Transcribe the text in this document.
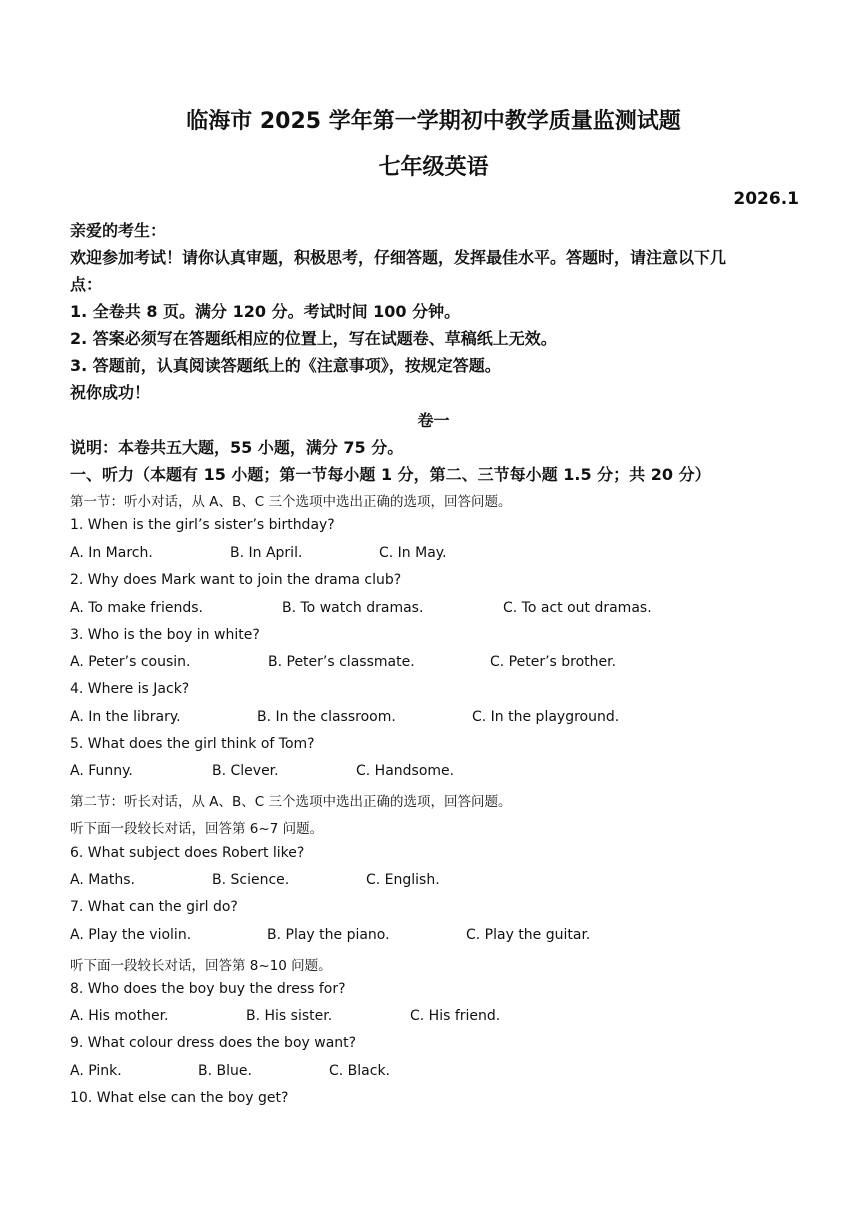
临海市 2025 学年第一学期初中教学质量监测试题
七年级英语
2026.1
亲爱的考生：
欢迎参加考试！请你认真审题，积极思考，仔细答题，发挥最佳水平。答题时，请注意以下几
点：
1. 全卷共 8 页。满分 120 分。考试时间 100 分钟。
2. 答案必须写在答题纸相应的位置上，写在试题卷、草稿纸上无效。
3. 答题前，认真阅读答题纸上的《注意事项》，按规定答题。
祝你成功！
卷一
说明：本卷共五大题，55 小题，满分 75 分。
一、听力（本题有 15 小题；第一节每小题 1 分，第二、三节每小题 1.5 分；共 20 分）
第一节：听小对话，从 A、B、C 三个选项中选出正确的选项，回答问题。
1. When is the girl’s sister’s birthday?
A. In March.	B. In April.	C. In May.
2. Why does Mark want to join the drama club?
A. To make friends.	B. To watch dramas.	C. To act out dramas.
3. Who is the boy in white?
A. Peter’s cousin.	B. Peter’s classmate.	C. Peter’s brother.
4. Where is Jack?
A. In the library.	B. In the classroom.	C. In the playground.
5. What does the girl think of Tom?
A. Funny.	B. Clever.	C. Handsome.
第二节：听长对话，从 A、B、C 三个选项中选出正确的选项，回答问题。
听下面一段较长对话，回答第 6~7 问题。
6. What subject does Robert like?
A. Maths.	B. Science.	C. English.
7. What can the girl do?
A. Play the violin.	B. Play the piano.	C. Play the guitar.
听下面一段较长对话，回答第 8~10 问题。
8. Who does the boy buy the dress for?
A. His mother.	B. His sister.	C. His friend.
9. What colour dress does the boy want?
A. Pink.	B. Blue.	C. Black.
10. What else can the boy get?
